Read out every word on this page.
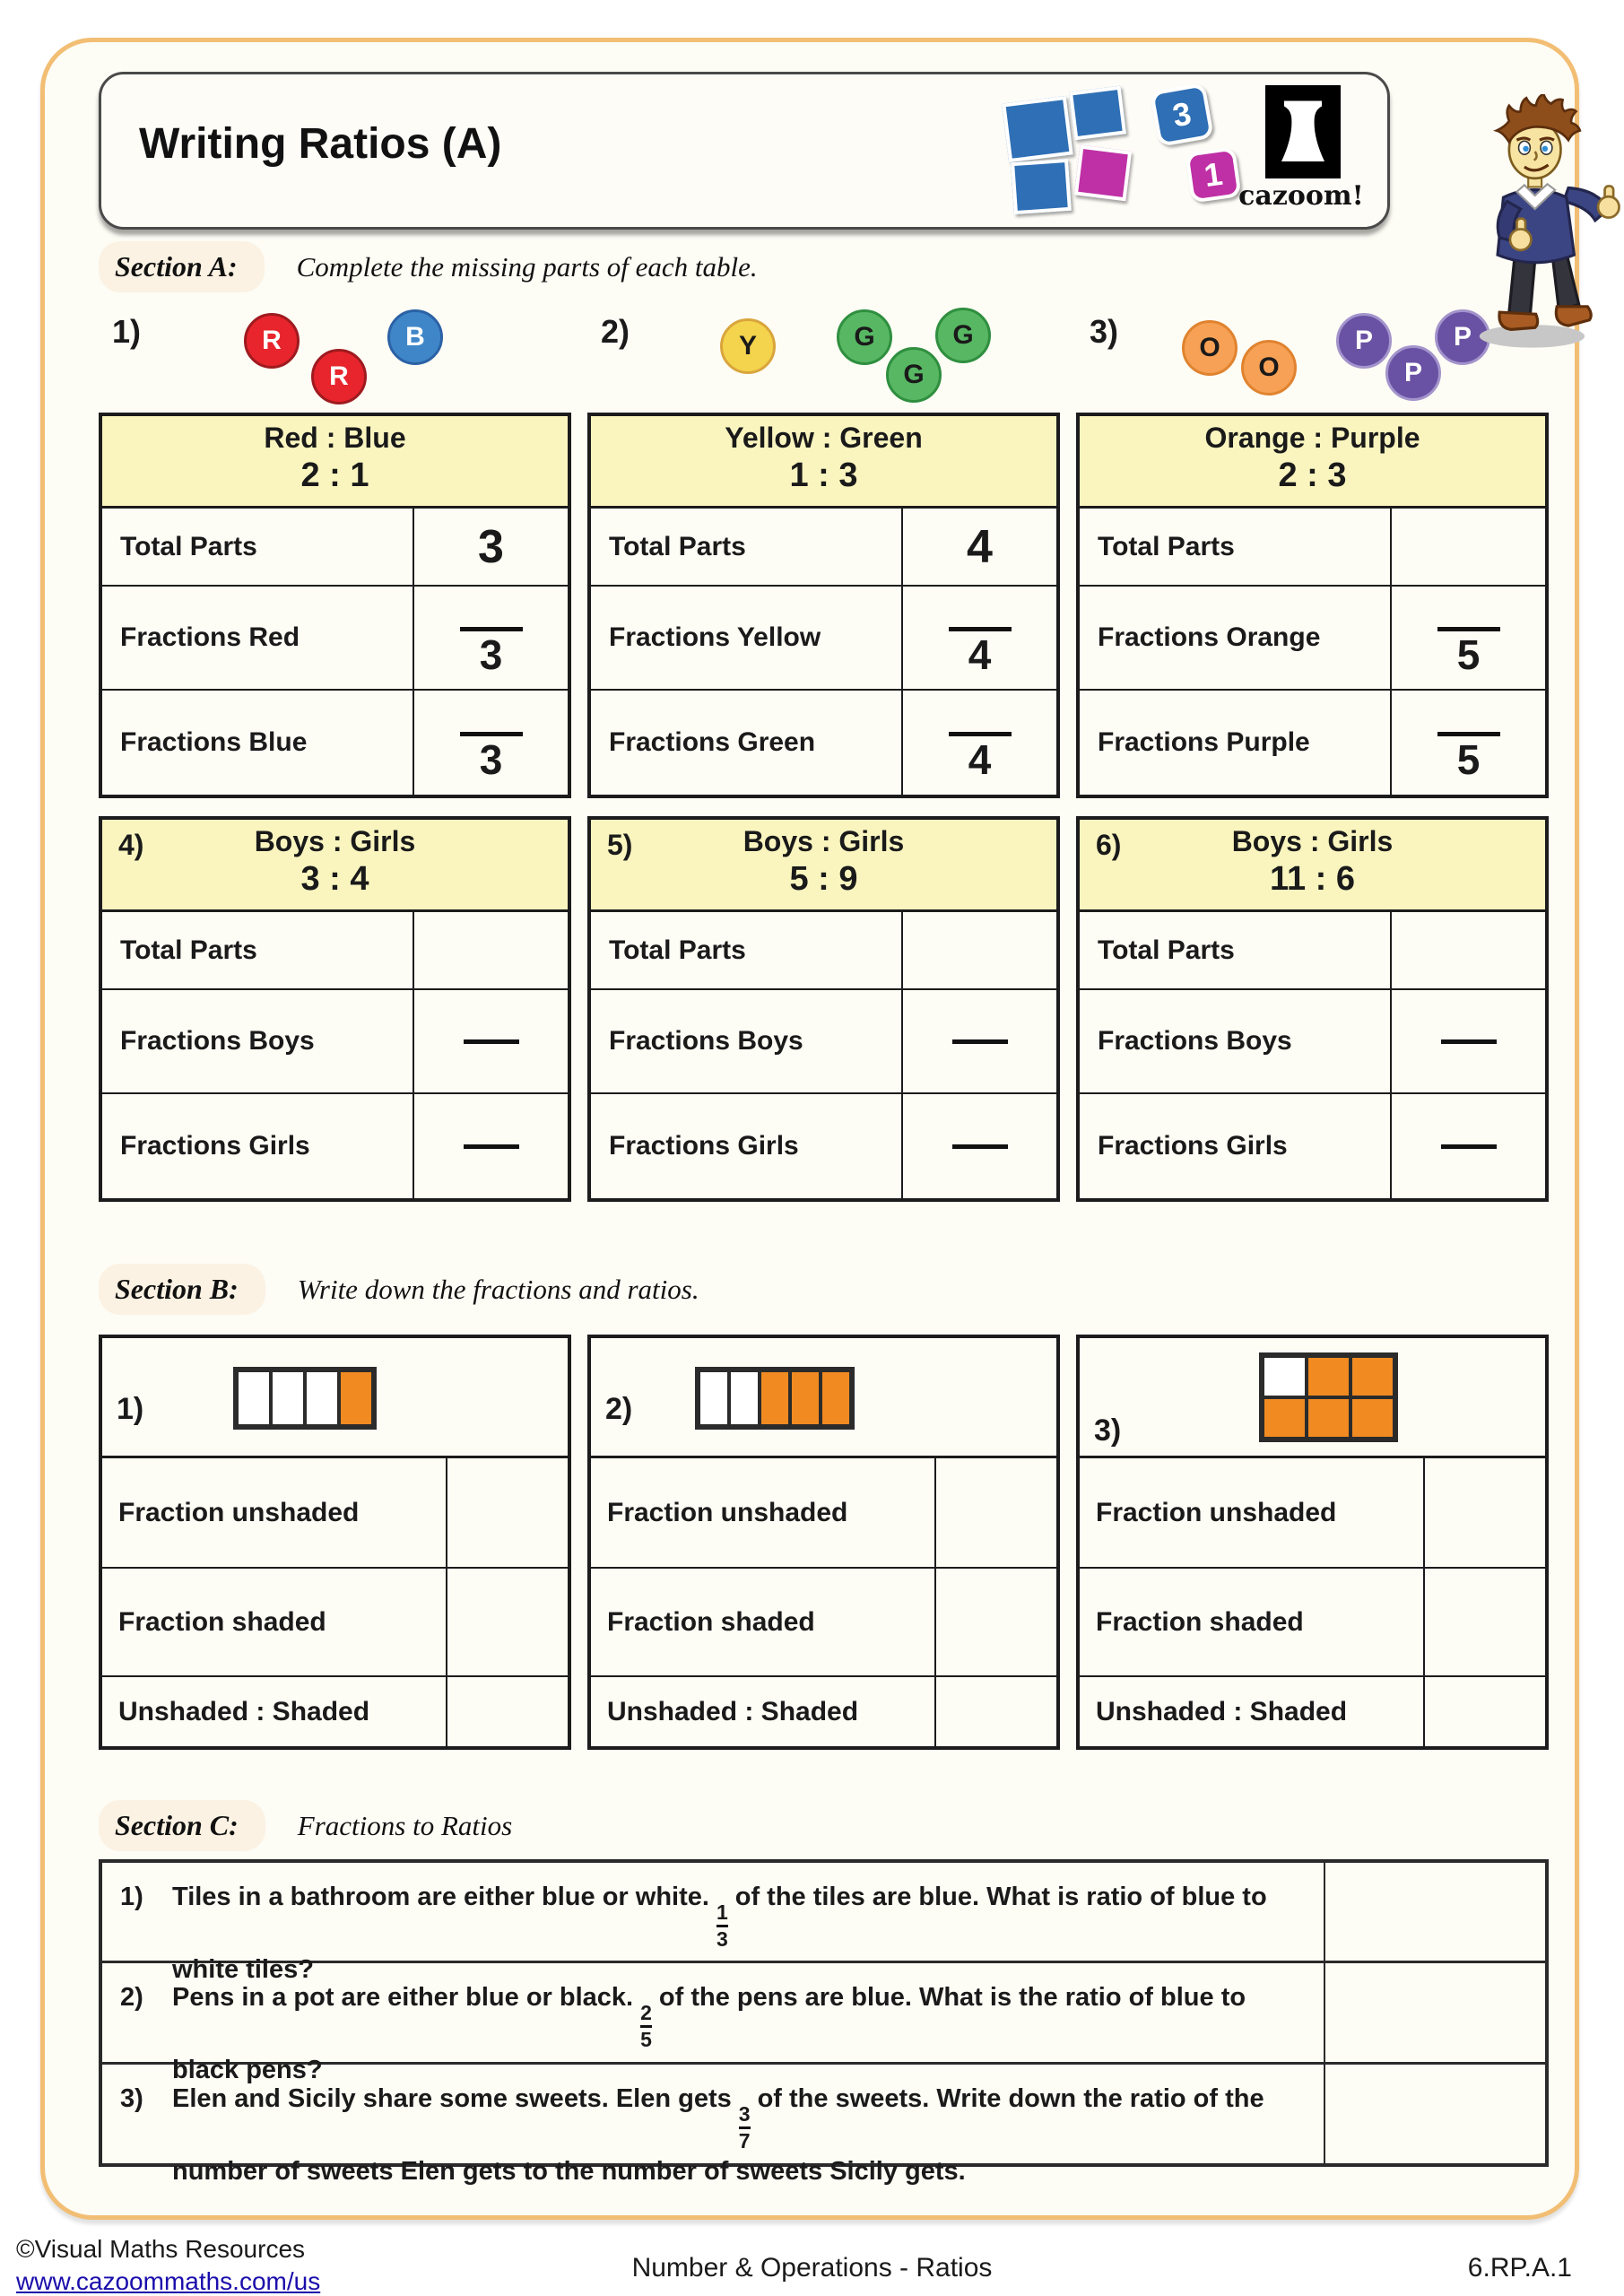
Writing Ratios (A)
3
1
cazoom!
Section A:	Complete the missing parts of each table.
1)	R
R
B	2)	Y	G
G
G	3)	O
O
P
P
P
Red : Blue
2 : 1
Total Parts	3
Fractions Red	3
Fractions Blue	3
Yellow : Green
1 : 3
Total Parts	4
Fractions Yellow	4
Fractions Green	4
Orange : Purple
2 : 3
Total Parts
Fractions Orange	5
Fractions Purple	5
4)	Boys : Girls
3 : 4
Total Parts
Fractions Boys
Fractions Girls
5)	Boys : Girls
5 : 9
Total Parts
Fractions Boys
Fractions Girls
6)	Boys : Girls
11 : 6
Total Parts
Fractions Boys
Fractions Girls
Section B:	Write down the fractions and ratios.
1)
Fraction unshaded
Fraction shaded
Unshaded : Shaded
2)
Fraction unshaded
Fraction shaded
Unshaded : Shaded
3)
Fraction unshaded
Fraction shaded
Unshaded : Shaded
Section C:	Fractions to Ratios
1) Tiles in a bathroom are either blue or white.
$\frac{1}{3}$
of the tiles are blue. What is ratio of blue to white tiles?
2) Pens in a pot are either blue or black.
$\frac{2}{5}$
of the pens are blue. What is the ratio of blue to black pens?
3) Elen and Sicily share some sweets. Elen gets
$\frac{3}{7}$
of the sweets. Write down the ratio of the number of sweets Elen gets to the number of sweets Sicily gets.
©Visual Maths Resources
www.cazoommaths.com/us	Number & Operations - Ratios	6.RP.A.1
